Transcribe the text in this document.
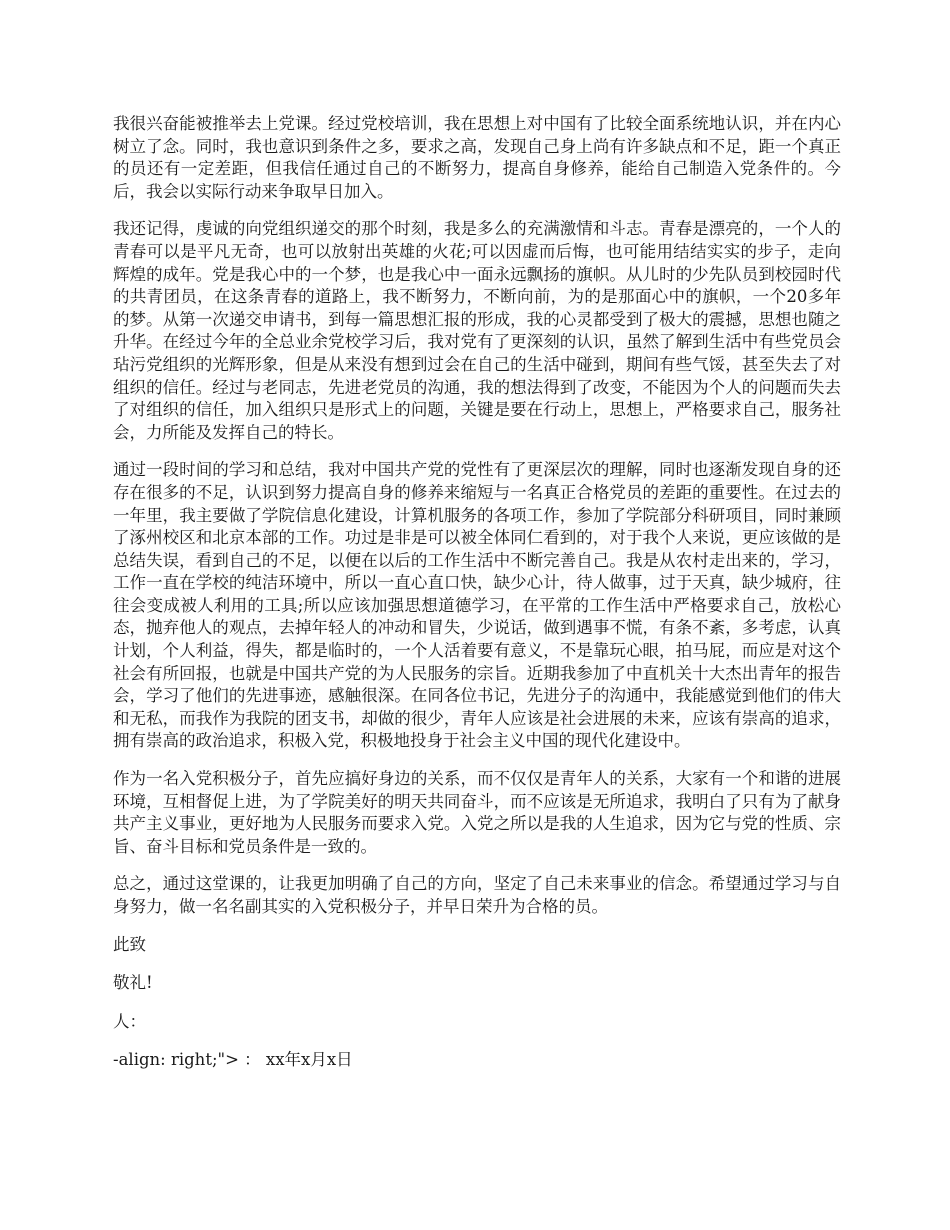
我很兴奋能被推举去上党课。经过党校培训，我在思想上对中国有了比较全面系统地认识，并在内心树立了念。同时，我也意识到条件之多，要求之高，发现自己身上尚有许多缺点和不足，距一个真正的员还有一定差距，但我信任通过自己的不断努力，提高自身修养，能给自己制造入党条件的。今后，我会以实际行动来争取早日加入。

我还记得，虔诚的向党组织递交的那个时刻，我是多么的充满激情和斗志。青春是漂亮的，一个人的青春可以是平凡无奇，也可以放射出英雄的火花;可以因虚而后悔，也可能用结结实实的步子，走向辉煌的成年。党是我心中的一个梦，也是我心中一面永远飘扬的旗帜。从儿时的少先队员到校园时代的共青团员，在这条青春的道路上，我不断努力，不断向前，为的是那面心中的旗帜，一个20多年的梦。从第一次递交申请书，到每一篇思想汇报的形成，我的心灵都受到了极大的震撼，思想也随之升华。在经过今年的全总业余党校学习后，我对党有了更深刻的认识，虽然了解到生活中有些党员会玷污党组织的光辉形象，但是从来没有想到过会在自己的生活中碰到，期间有些气馁，甚至失去了对组织的信任。经过与老同志，先进老党员的沟通，我的想法得到了改变，不能因为个人的问题而失去了对组织的信任，加入组织只是形式上的问题，关键是要在行动上，思想上，严格要求自己，服务社会，力所能及发挥自己的特长。

通过一段时间的学习和总结，我对中国共产党的党性有了更深层次的理解，同时也逐渐发现自身的还存在很多的不足，认识到努力提高自身的修养来缩短与一名真正合格党员的差距的重要性。在过去的一年里，我主要做了学院信息化建设，计算机服务的各项工作，参加了学院部分科研项目，同时兼顾了涿州校区和北京本部的工作。功过是非是可以被全体同仁看到的，对于我个人来说，更应该做的是总结失误，看到自己的不足，以便在以后的工作生活中不断完善自己。我是从农村走出来的，学习，工作一直在学校的纯洁环境中，所以一直心直口快，缺少心计，待人做事，过于天真，缺少城府，往往会变成被人利用的工具;所以应该加强思想道德学习，在平常的工作生活中严格要求自己，放松心态，抛弃他人的观点，去掉年轻人的冲动和冒失，少说话，做到遇事不慌，有条不紊，多考虑，认真计划，个人利益，得失，都是临时的，一个人活着要有意义，不是靠玩心眼，拍马屁，而应是对这个社会有所回报，也就是中国共产党的为人民服务的宗旨。近期我参加了中直机关十大杰出青年的报告会，学习了他们的先进事迹，感触很深。在同各位书记，先进分子的沟通中，我能感觉到他们的伟大和无私，而我作为我院的团支书，却做的很少，青年人应该是社会进展的未来，应该有崇高的追求，拥有崇高的政治追求，积极入党，积极地投身于社会主义中国的现代化建设中。

作为一名入党积极分子，首先应搞好身边的关系，而不仅仅是青年人的关系，大家有一个和谐的进展环境，互相督促上进，为了学院美好的明天共同奋斗，而不应该是无所追求，我明白了只有为了献身共产主义事业，更好地为人民服务而要求入党。入党之所以是我的人生追求，因为它与党的性质、宗旨、奋斗目标和党员条件是一致的。

总之，通过这堂课的，让我更加明确了自己的方向，坚定了自己未来事业的信念。希望通过学习与自身努力，做一名名副其实的入党积极分子，并早日荣升为合格的员。

此致

敬礼!

人：

-align: right;"> ： xx年x月x日
